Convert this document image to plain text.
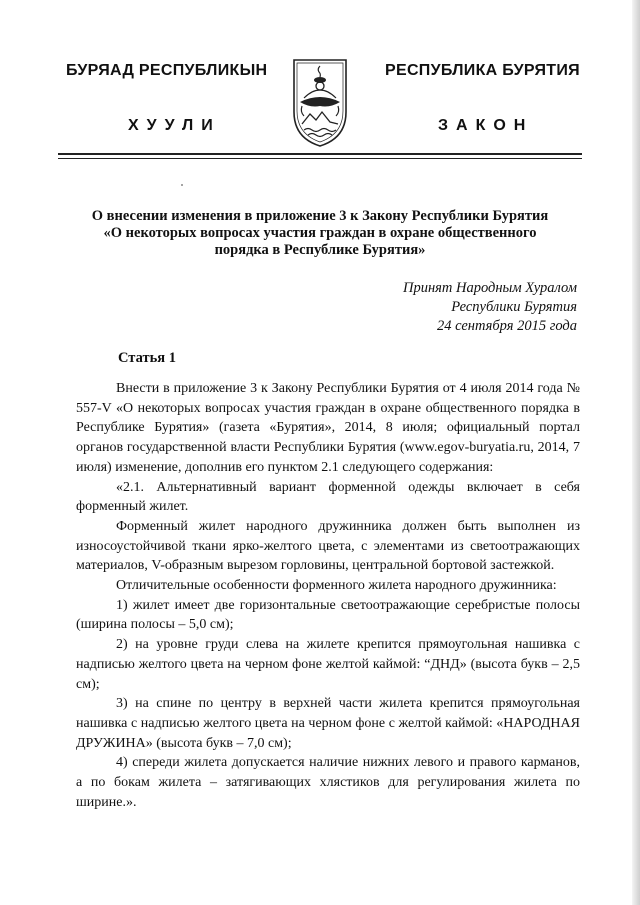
БУРЯАД РЕСПУБЛИКЫН	РЕСПУБЛИКА БУРЯТИЯ
ХУУЛИ	ЗАКОН
О внесении изменения в приложение 3 к Закону Республики Бурятия
«О некоторых вопросах участия граждан в охране общественного
порядка в Республике Бурятия»
Принят Народным Хуралом
Республики Бурятия
24 сентября 2015 года
Статья 1

Внести в приложение 3 к Закону Республики Бурятия от 4 июля 2014 года № 557-V «О некоторых вопросах участия граждан в охране общественного порядка в Республике Бурятия» (газета «Бурятия», 2014, 8 июля; официальный портал органов государственной власти Республики Бурятия (www.egov-buryatia.ru, 2014, 7 июля) изменение, дополнив его пунктом 2.1 следующего содержания:

«2.1. Альтернативный вариант форменной одежды включает в себя форменный жилет.

Форменный жилет народного дружинника должен быть выполнен из износоустойчивой ткани ярко-желтого цвета, с элементами из светоотражающих материалов, V-образным вырезом горловины, центральной бортовой застежкой.

Отличительные особенности форменного жилета народного дружинника:

1) жилет имеет две горизонтальные светоотражающие серебристые полосы (ширина полосы – 5,0 см);

2) на уровне груди слева на жилете крепится прямоугольная нашивка с надписью желтого цвета на черном фоне желтой каймой: “ДНД» (высота букв – 2,5 см);

3) на спине по центру в верхней части жилета крепится прямоугольная нашивка с надписью желтого цвета на черном фоне с желтой каймой: «НАРОДНАЯ ДРУЖИНА» (высота букв – 7,0 см);

4) спереди жилета допускается наличие нижних левого и правого карманов, а по бокам жилета – затягивающих хлястиков для регулирования жилета по ширине.».
